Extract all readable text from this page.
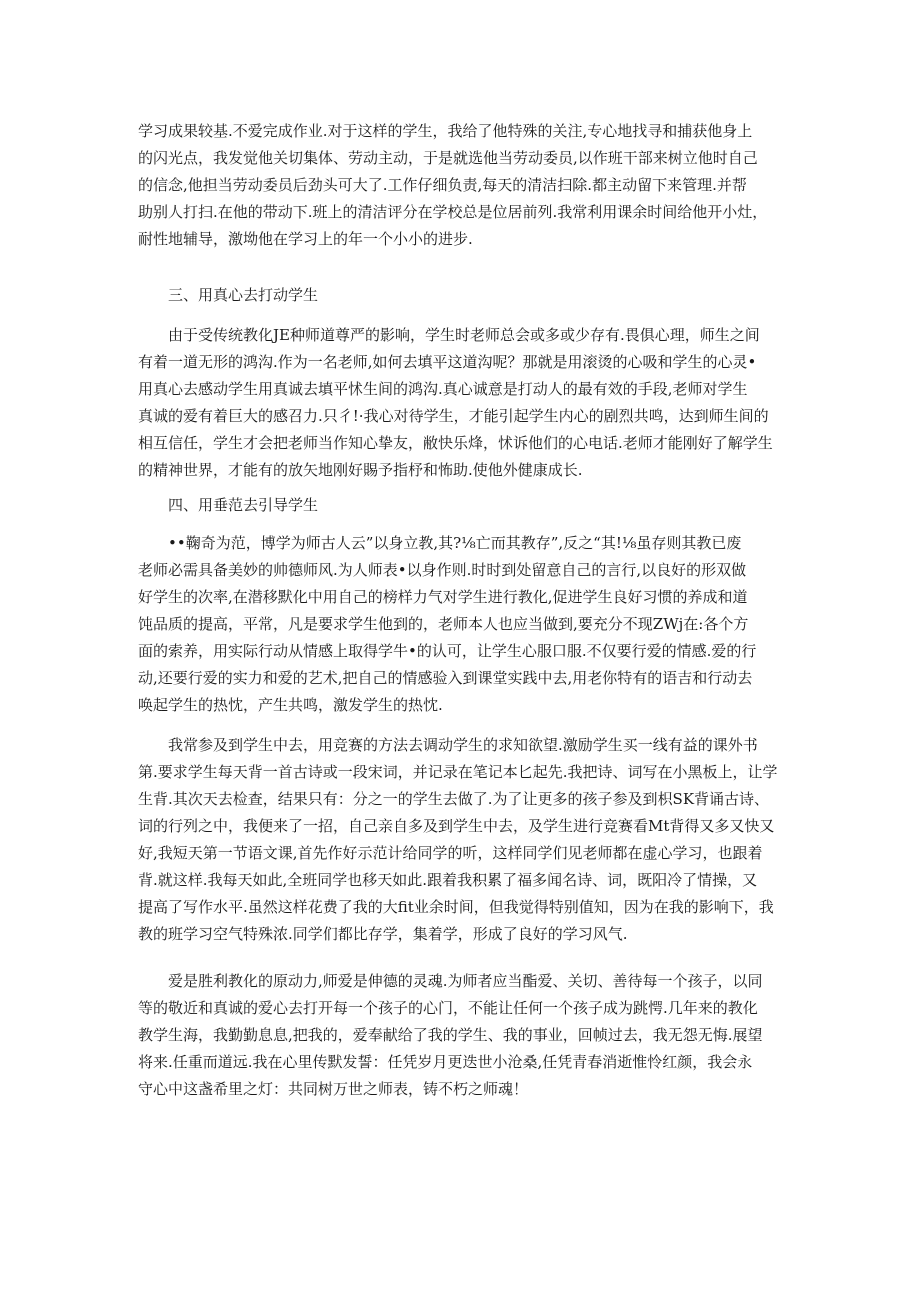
学习成果较基.不爱完成作业.对于这样的学生，我给了他特殊的关注,专心地找寻和捕获他身上
的闪光点，我发觉他关切集体、劳动主动，于是就选他当劳动委员,以作班干部来树立他时自己
的信念,他担当劳动委员后劲头可大了.工作仔细负责,每天的清洁扫除.都主动留下来管理.并帮
助别人打扫.在他的带动下.班上的清洁评分在学校总是位居前列.我常利用课余时间给他开小灶，
耐性地辅导，激坳他在学习上的年一个小小的进步.

三、用真心去打动学生

由于受传统教化JE种师道尊严的影响，学生时老师总会或多或少存有.畏俱心理，师生之间
有着一道无形的鸿沟.作为一名老师,如何去填平这道沟呢？那就是用滚烫的心吸和学生的心灵•
用真心去感动学生用真诚去填平怵生间的鸿沟.真心诚意是打动人的最有效的手段,老师对学生
真诚的爱有着巨大的感召力.只彳!·我心对待学生，才能引起学生内心的剧烈共鸣，达到师生间的
相互信任，学生才会把老师当作知心挚友，敝快乐烽，怵诉他们的心电话.老师才能刚好了解学生
的精神世界，才能有的放矢地刚好賜予指杼和怖助.使他外健康成长.

四、用垂范去引导学生

••鞠奇为范，博学为师古人云”以身立教,其?⅛亡而其教存”,反之“其!⅛虽存则其教已废
老师必需具备美妙的帅德师风.为人师表•以身作则.时时到处留意自己的言行,以良好的形双做
好学生的次率,在潜移默化中用自己的榜样力气对学生进行教化,促进学生良好习惯的养成和道
饨品质的提高，平常，凡是要求学生他到的，老师本人也应当做到,要充分不现ZWj在:各个方
面的索养，用实际行动从情感上取得学牛•的认可，让学生心服口服.不仅要行爱的情感.爱的行
动,还要行爱的实力和爱的艺术,把自己的情感验入到课堂实践中去,用老你特有的语吉和行动去
唤起学生的热忱，产生共鸣，激发学生的热忱.

我常参及到学生中去，用竞赛的方法去调动学生的求知欲望.激励学生买一线有益的课外书
第.要求学生每天背一首古诗或一段宋词，并记录在笔记本匕起先.我把诗、词写在小黑板上，让学
生背.其次天去检查，结果只有：分之一的学生去做了.为了让更多的孩子参及到枳SK背诵古诗、
词的行列之中，我便来了一招，自己亲自多及到学生中去，及学生进行竞赛看Mt背得又多又快又
好,我短天第一节语文课,首先作好示范计给同学的听，这样同学们见老师都在虚心学习，也跟着
背.就这样.我每天如此,全班同学也移天如此.跟着我积累了福多闻名诗、词，既阳冷了情操，又
提高了写作水平.虽然这样花费了我的大fit业余时间，但我觉得特别值知，因为在我的影响下，我
教的班学习空气特殊浓.同学们都比存学，集着学，形成了良好的学习风气.

爱是胜利教化的原动力,师爱是伸德的灵魂.为师者应当酯爱、关切、善待每一个孩子，以同
等的敬近和真诚的爱心去打开每一个孩子的心门，不能让任何一个孩子成为跳愕.几年来的教化
教学生海，我勤勤息息,把我的，爱奉献给了我的学生、我的事业，回帧过去，我无怨无悔.展望
将来.任重而道远.我在心里传默发誓：任凭岁月更迭世小沧桑,任凭青春消逝惟怜红颜，我会永
守心中这盏希里之灯：共同树万世之师表，铸不朽之师魂！
